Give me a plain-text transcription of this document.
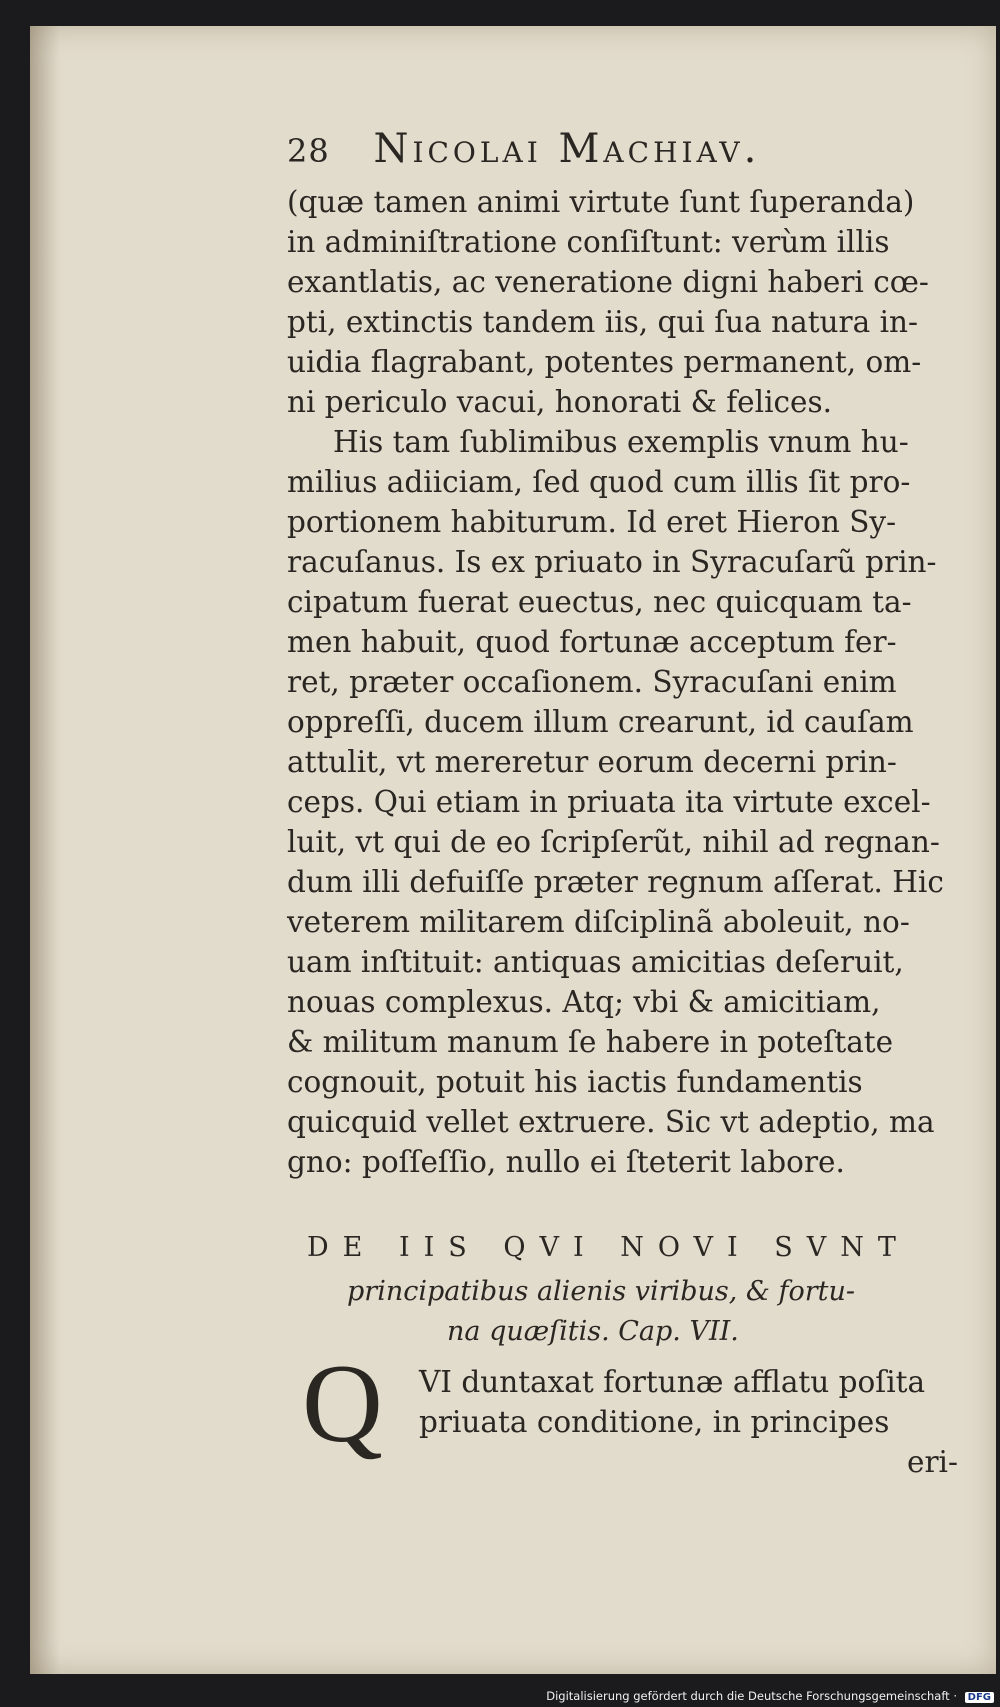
28 Nicolai Machiav.
(quæ tamen animi virtute ſunt ſuperanda)
in adminiſtratione conſiſtunt: verùm illis
exantlatis, ac veneratione digni haberi cœ-
pti, extinctis tandem iis, qui ſua natura in-
uidia flagrabant, potentes permanent, om-
ni periculo vacui, honorati & felices.
His tam ſublimibus exemplis vnum hu-
milius adiiciam, ſed quod cum illis ſit pro-
portionem habiturum. Id eret Hieron Sy-
racuſanus. Is ex priuato in Syracuſarũ prin-
cipatum fuerat euectus, nec quicquam ta-
men habuit, quod fortunæ acceptum fer-
ret, præter occaſionem. Syracuſani enim
oppreſſi, ducem illum crearunt, id cauſam
attulit, vt mereretur eorum decerni prin-
ceps. Qui etiam in priuata ita virtute excel-
luit, vt qui de eo ſcripſerũt, nihil ad regnan-
dum illi defuiſſe præter regnum aſſerat. Hic
veterem militarem diſciplinã aboleuit, no-
uam inſtituit: antiquas amicitias deſeruit,
nouas complexus. Atq; vbi & amicitiam,
& militum manum ſe habere in poteſtate
cognouit, potuit his iactis fundamentis
quicquid vellet extruere. Sic vt adeptio, ma
gno: poſſeſſio, nullo ei ſteterit labore.
DE IIS QVI NOVI SVNT
principatibus alienis viribus, & fortu-
na quæſitis. Cap. VII.
Q VI duntaxat fortunæ afflatu poſita
priuata conditione, in principes
eri-
Digitalisierung gefördert durch die Deutsche Forschungsgemeinschaft · DFG
